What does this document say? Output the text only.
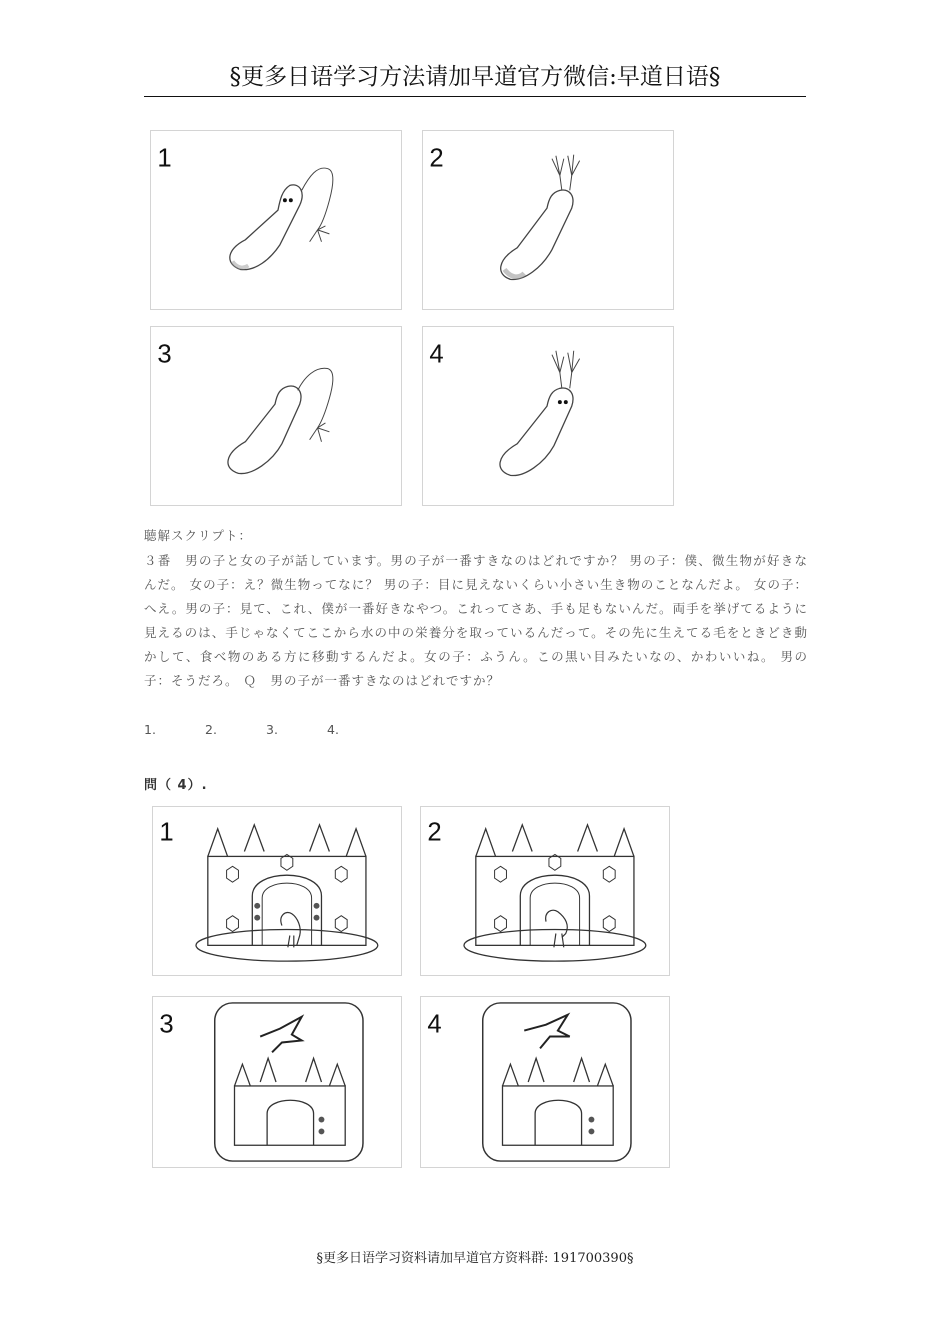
§更多日语学习方法请加早道官方微信:早道日语§
1	2
3	4
聴解スクリプト：
３番　男の子と女の子が話しています。男の子が一番すきなのはどれですか？ 男の子：僕、微生物が好きなんだ。 女の子：え？微生物ってなに？ 男の子：目に見えないくらい小さい生き物のことなんだよ。 女の子：へえ。男の子：見て、これ、僕が一番好きなやつ。これってさあ、手も足もないんだ。両手を挙げてるように見えるのは、手じゃなくてここから水の中の栄養分を取っているんだって。その先に生えてる毛をときどき動かして、食べ物のある方に移動するんだよ。女の子：ふうん。この黒い目みたいなの、かわいいね。 男の子：そうだろ。 Ｑ　男の子が一番すきなのはどれですか？
1.	2.	3.	4.
問（ 4）.
1	2
3	4
§更多日语学习资料请加早道官方资料群: 191700390§
